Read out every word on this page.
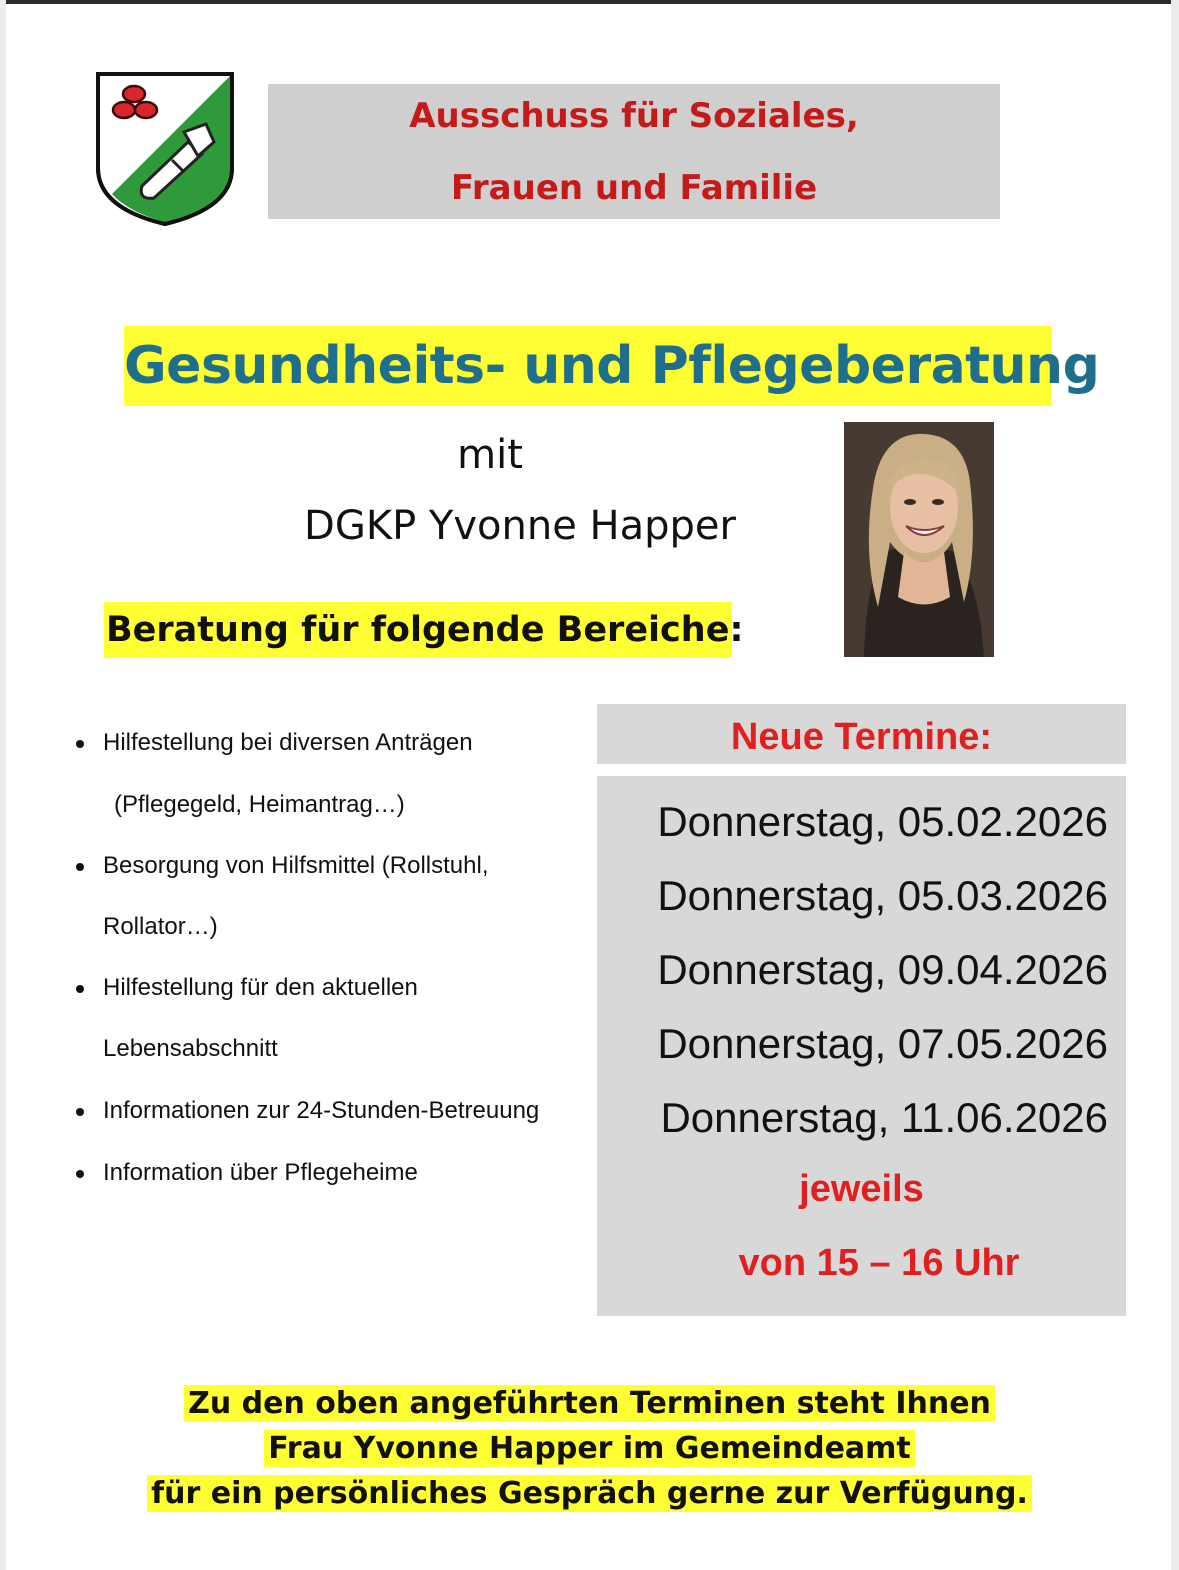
Ausschuss für Soziales,
Frauen und Familie
Gesundheits- und Pflegeberatung
mit
DGKP Yvonne Happer
Beratung für folgende Bereiche:
Hilfestellung bei diversen Anträgen
(Pflegegeld, Heimantrag…)
Besorgung von Hilfsmittel (Rollstuhl,
Rollator…)
Hilfestellung für den aktuellen
Lebensabschnitt
Informationen zur 24-Stunden-Betreuung
Information über Pflegeheime
Neue Termine:
Donnerstag, 05.02.2026
Donnerstag, 05.03.2026
Donnerstag, 09.04.2026
Donnerstag, 07.05.2026
Donnerstag, 11.06.2026
jeweils
von 15 – 16 Uhr
Zu den oben angeführten Terminen steht Ihnen
Frau Yvonne Happer im Gemeindeamt
für ein persönliches Gespräch gerne zur Verfügung.
